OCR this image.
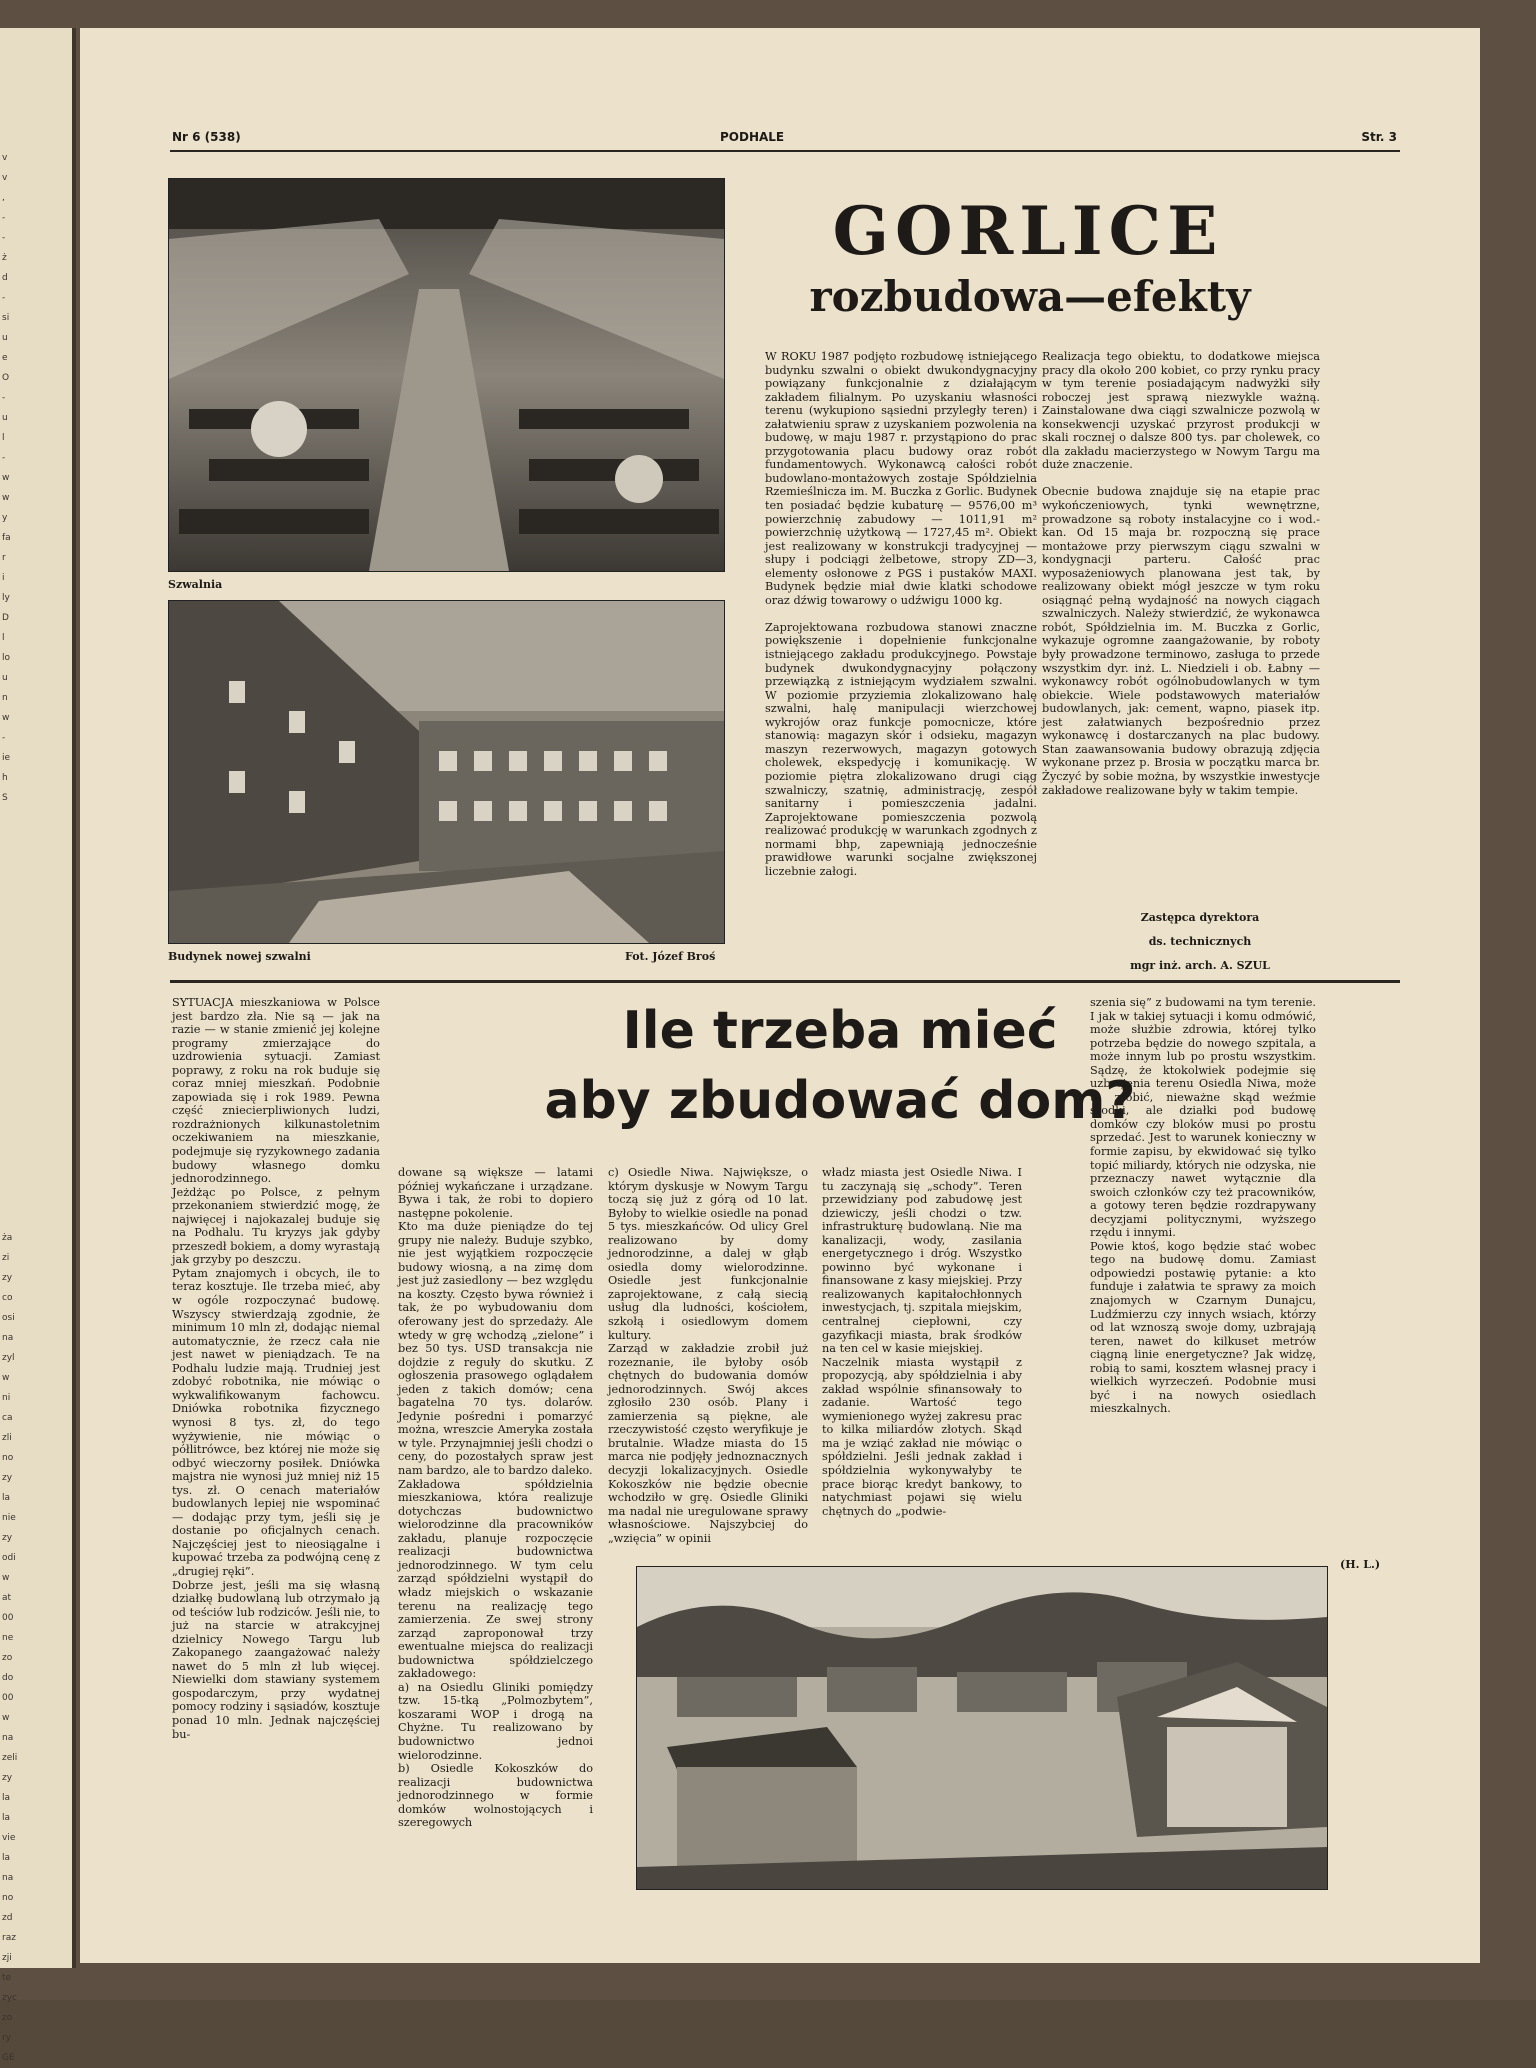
v
v
,
-
-
ż
d
-
si
u
e
O
-
u
l
-
w
w
y
fa
r
i
ly
D
l
lo
u
n
w
-
ie
h
S
ża
zi
zy
co
osi
na
zyl
w
ni
ca
zli
no
zy
la
nie
zy
odi
w
at
00
ne
zo
do
00
w
na
zeli
zy
la
la
vie
la
na
no
zd
raz
zji
te
zyc
zo
ry
GE
Nr 6 (538)	PODHALE	Str. 3
Szwalnia
Budynek nowej szwalni	Fot. Józef Broś
GORLICE
rozbudowa—efekty
W ROKU 1987 podjęto rozbudowę istniejącego budynku szwalni o obiekt dwukondygnacyjny powiązany funkcjonalnie z działającym zakładem filialnym. Po uzyskaniu własności terenu (wykupiono sąsiedni przyległy teren) i załatwieniu spraw z uzyskaniem pozwolenia na budowę, w maju 1987 r. przystąpiono do prac przygotowania placu budowy oraz robót fundamentowych. Wykonawcą całości robót budowlano-montażowych zostaje Spółdzielnia Rzemieślnicza im. M. Buczka z Gorlic. Budynek ten posiadać będzie kubaturę — 9576,00 m³ powierzchnię zabudowy — 1011,91 m² powierzchnię użytkową — 1727,45 m². Obiekt jest realizowany w konstrukcji tradycyjnej — słupy i podciągi żelbetowe, stropy ZD—3, elementy osłonowe z PGS i pustaków MAXI. Budynek będzie miał dwie klatki schodowe oraz dźwig towarowy o udźwigu 1000 kg.

Zaprojektowana rozbudowa stanowi znaczne powiększenie i dopełnienie funkcjonalne istniejącego zakładu produkcyjnego. Powstaje budynek dwukondygnacyjny połączony przewiązką z istniejącym wydziałem szwalni. W poziomie przyziemia zlokalizowano halę szwalni, halę manipulacji wierzchowej wykrojów oraz funkcje pomocnicze, które stanowią: magazyn skór i odsieku, magazyn maszyn rezerwowych, magazyn gotowych cholewek, ekspedycję i komunikację. W poziomie piętra zlokalizowano drugi ciąg szwalniczy, szatnię, administrację, zespół sanitarny i pomieszczenia jadalni. Zaprojektowane pomieszczenia pozwolą realizować produkcję w warunkach zgodnych z normami bhp, zapewniają jednocześnie prawidłowe warunki socjalne zwiększonej liczebnie załogi.
Realizacja tego obiektu, to dodatkowe miejsca pracy dla około 200 kobiet, co przy rynku pracy w tym terenie posiadającym nadwyżki siły roboczej jest sprawą niezwykle ważną. Zainstalowane dwa ciągi szwalnicze pozwolą w konsekwencji uzyskać przyrost produkcji w skali rocznej o dalsze 800 tys. par cholewek, co dla zakładu macierzystego w Nowym Targu ma duże znaczenie.

Obecnie budowa znajduje się na etapie prac wykończeniowych, tynki wewnętrzne, prowadzone są roboty instalacyjne co i wod.-kan. Od 15 maja br. rozpoczną się prace montażowe przy pierwszym ciągu szwalni w kondygnacji parteru. Całość prac wyposażeniowych planowana jest tak, by realizowany obiekt mógł jeszcze w tym roku osiągnąć pełną wydajność na nowych ciągach szwalniczych. Należy stwierdzić, że wykonawca robót, Spółdzielnia im. M. Buczka z Gorlic, wykazuje ogromne zaangażowanie, by roboty były prowadzone terminowo, zasługa to przede wszystkim dyr. inż. L. Niedzieli i ob. Łabny — wykonawcy robót ogólnobudowlanych w tym obiekcie. Wiele podstawowych materiałów budowlanych, jak: cement, wapno, piasek itp. jest załatwianych bezpośrednio przez wykonawcę i dostarczanych na plac budowy. Stan zaawansowania budowy obrazują zdjęcia wykonane przez p. Brosia w początku marca br. Życzyć by sobie można, by wszystkie inwestycje zakładowe realizowane były w takim tempie.
Zastępca dyrektora
ds. technicznych
mgr inż. arch. A. SZUL
Ile trzeba mieć
aby zbudować dom?
SYTUACJA mieszkaniowa w Polsce jest bardzo zła. Nie są — jak na razie — w stanie zmienić jej kolejne programy zmierzające do uzdrowienia sytuacji. Zamiast poprawy, z roku na rok buduje się coraz mniej mieszkań. Podobnie zapowiada się i rok 1989. Pewna część zniecierpliwionych ludzi, rozdrażnionych kilkunastoletnim oczekiwaniem na mieszkanie, podejmuje się ryzykownego zadania budowy własnego domku jednorodzinnego.
Jeżdżąc po Polsce, z pełnym przekonaniem stwierdzić mogę, że najwięcej i najokazalej buduje się na Podhalu. Tu kryzys jak gdyby przeszedł bokiem, a domy wyrastają jak grzyby po deszczu.
Pytam znajomych i obcych, ile to teraz kosztuje. Ile trzeba mieć, aby w ogóle rozpoczynać budowę. Wszyscy stwierdzają zgodnie, że minimum 10 mln zł, dodając niemal automatycznie, że rzecz cała nie jest nawet w pieniądzach. Te na Podhalu ludzie mają. Trudniej jest zdobyć robotnika, nie mówiąc o wykwalifikowanym fachowcu. Dniówka robotnika fizycznego wynosi 8 tys. zł, do tego wyżywienie, nie mówiąc o półlitrówce, bez której nie może się odbyć wieczorny posiłek. Dniówka majstra nie wynosi już mniej niż 15 tys. zł. O cenach materiałów budowlanych lepiej nie wspominać — dodając przy tym, jeśli się je dostanie po oficjalnych cenach. Najczęściej jest to nieosiągalne i kupować trzeba za podwójną cenę z „drugiej ręki”.
Dobrze jest, jeśli ma się własną działkę budowlaną lub otrzymało ją od teściów lub rodziców. Jeśli nie, to już na starcie w atrakcyjnej dzielnicy Nowego Targu lub Zakopanego zaangażować należy nawet do 5 mln zł lub więcej. Niewielki dom stawiany systemem gospodarczym, przy wydatnej pomocy rodziny i sąsiadów, kosztuje ponad 10 mln. Jednak najczęściej bu-
dowane są większe — latami później wykańczane i urządzane. Bywa i tak, że robi to dopiero następne pokolenie.
Kto ma duże pieniądze do tej grupy nie należy. Buduje szybko, nie jest wyjątkiem rozpoczęcie budowy wiosną, a na zimę dom jest już zasiedlony — bez względu na koszty. Często bywa również i tak, że po wybudowaniu dom oferowany jest do sprzedaży. Ale wtedy w grę wchodzą „zielone” i bez 50 tys. USD transakcja nie dojdzie z reguły do skutku. Z ogłoszenia prasowego oglądałem jeden z takich domów; cena bagatelna 70 tys. dolarów. Jedynie pośredni i pomarzyć można, wreszcie Ameryka została w tyle. Przynajmniej jeśli chodzi o ceny, do pozostałych spraw jest nam bardzo, ale to bardzo daleko.
Zakładowa spółdzielnia mieszkaniowa, która realizuje dotychczas budownictwo wielorodzinne dla pracowników zakładu, planuje rozpoczęcie realizacji budownictwa jednorodzinnego. W tym celu zarząd spółdzielni wystąpił do władz miejskich o wskazanie terenu na realizację tego zamierzenia. Ze swej strony zarząd zaproponował trzy ewentualne miejsca do realizacji budownictwa spółdzielczego zakładowego:
a) na Osiedlu Gliniki pomiędzy tzw. 15-tką „Polmozbytem”, koszarami WOP i drogą na Chyżne. Tu realizowano by budownictwo jednoi wielorodzinne.
b) Osiedle Kokoszków do realizacji budownictwa jednorodzinnego w formie domków wolnostojących i szeregowych
c) Osiedle Niwa. Największe, o którym dyskusje w Nowym Targu toczą się już z górą od 10 lat. Byłoby to wielkie osiedle na ponad 5 tys. mieszkańców. Od ulicy Grel realizowano by domy jednorodzinne, a dalej w głąb osiedla domy wielorodzinne. Osiedle jest funkcjonalnie zaprojektowane, z całą siecią usług dla ludności, kościołem, szkołą i osiedlowym domem kultury.
Zarząd w zakładzie zrobił już rozeznanie, ile byłoby osób chętnych do budowania domów jednorodzinnych. Swój akces zgłosiło 230 osób. Plany i zamierzenia są piękne, ale rzeczywistość często weryfikuje je brutalnie. Władze miasta do 15 marca nie podjęły jednoznacznych decyzji lokalizacyjnych. Osiedle Kokoszków nie będzie obecnie wchodziło w grę. Osiedle Gliniki ma nadal nie uregulowane sprawy własnościowe. Najszybciej do „wzięcia” w opinii
władz miasta jest Osiedle Niwa. I tu zaczynają się „schody”. Teren przewidziany pod zabudowę jest dziewiczy, jeśli chodzi o tzw. infrastrukturę budowlaną. Nie ma kanalizacji, wody, zasilania energetycznego i dróg. Wszystko powinno być wykonane i finansowane z kasy miejskiej. Przy realizowanych kapitałochłonnych inwestycjach, tj. szpitala miejskim, centralnej ciepłowni, czy gazyfikacji miasta, brak środków na ten cel w kasie miejskiej.
Naczelnik miasta wystąpił z propozycją, aby spółdzielnia i aby zakład wspólnie sfinansowały to zadanie. Wartość tego wymienionego wyżej zakresu prac to kilka miliardów złotych. Skąd ma je wziąć zakład nie mówiąc o spółdzielni. Jeśli jednak zakład i spółdzielnia wykonywałyby te prace biorąc kredyt bankowy, to natychmiast pojawi się wielu chętnych do „podwie-
szenia się” z budowami na tym terenie. I jak w takiej sytuacji i komu odmówić, może służbie zdrowia, której tylko potrzeba będzie do nowego szpitala, a może innym lub po prostu wszystkim. Sądzę, że ktokolwiek podejmie się uzbrojenia terenu Osiedla Niwa, może to zrobić, nieważne skąd weźmie środki, ale działki pod budowę domków czy bloków musi po prostu sprzedać. Jest to warunek konieczny w formie zapisu, by ekwidować się tylko topić miliardy, których nie odzyska, nie przeznaczy nawet wytącznie dla swoich członków czy też pracowników, a gotowy teren będzie rozdrapywany decyzjami politycznymi, wyższego rzędu i innymi.
Powie ktoś, kogo będzie stać wobec tego na budowę domu. Zamiast odpowiedzi postawię pytanie: a kto funduje i załatwia te sprawy za moich znajomych w Czarnym Dunajcu, Ludźmierzu czy innych wsiach, którzy od lat wznoszą swoje domy, uzbrajają teren, nawet do kilkuset metrów ciągną linie energetyczne? Jak widzę, robią to sami, kosztem własnej pracy i wielkich wyrzeczeń. Podobnie musi być i na nowych osiedlach mieszkalnych.
(H. L.)
